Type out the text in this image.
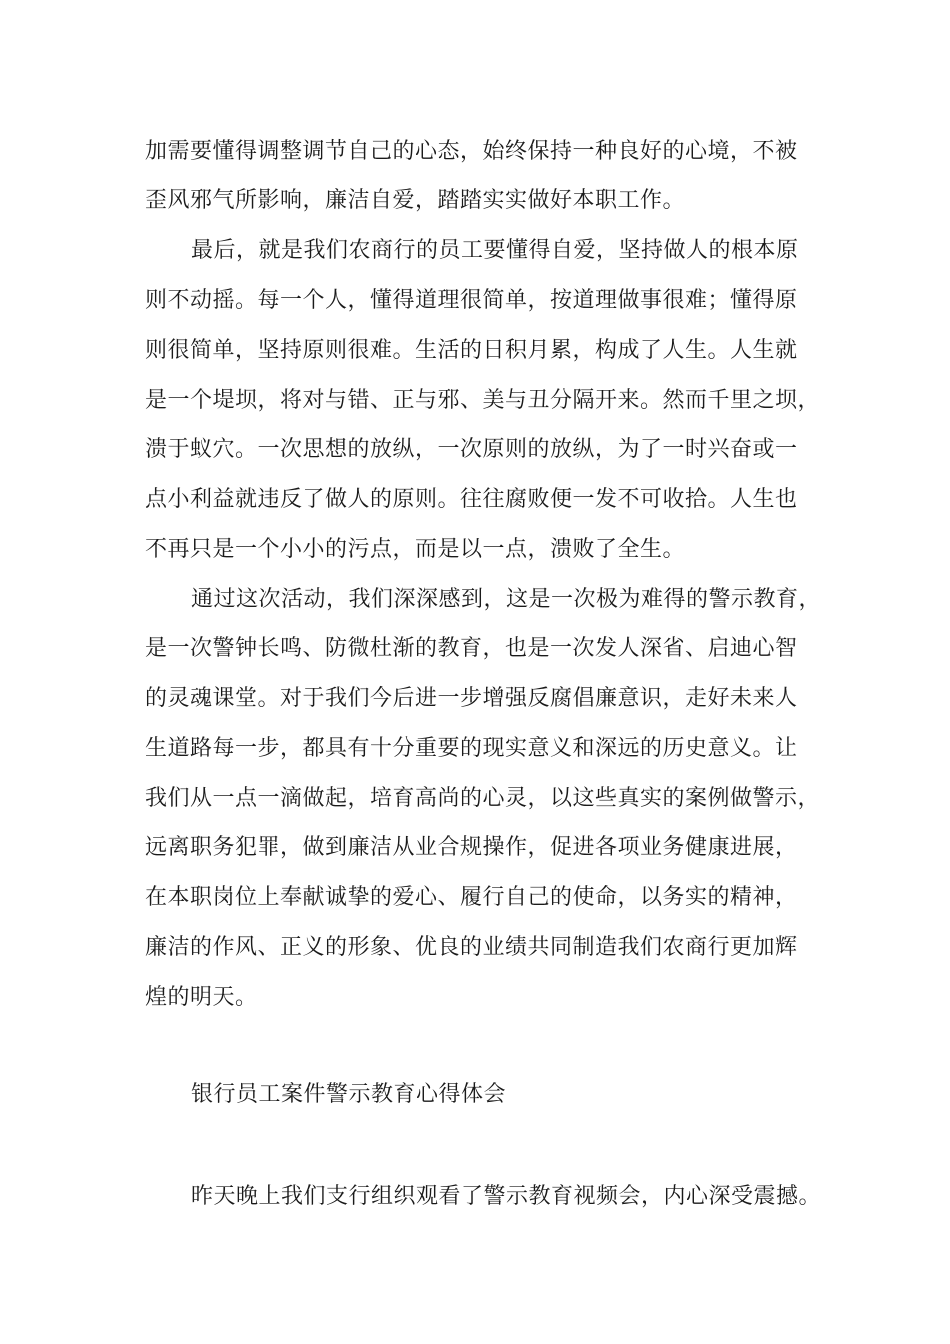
加需要懂得调整调节自己的心态，始终保持一种良好的心境，不被
歪风邪气所影响，廉洁自爱，踏踏实实做好本职工作。
最后，就是我们农商行的员工要懂得自爱，坚持做人的根本原
则不动摇。每一个人，懂得道理很简单，按道理做事很难；懂得原
则很简单，坚持原则很难。生活的日积月累，构成了人生。人生就
是一个堤坝，将对与错、正与邪、美与丑分隔开来。然而千里之坝，
溃于蚁穴。一次思想的放纵，一次原则的放纵，为了一时兴奋或一
点小利益就违反了做人的原则。往往腐败便一发不可收拾。人生也
不再只是一个小小的污点，而是以一点，溃败了全生。
通过这次活动，我们深深感到，这是一次极为难得的警示教育，
是一次警钟长鸣、防微杜渐的教育，也是一次发人深省、启迪心智
的灵魂课堂。对于我们今后进一步增强反腐倡廉意识，走好未来人
生道路每一步，都具有十分重要的现实意义和深远的历史意义。让
我们从一点一滴做起，培育高尚的心灵，以这些真实的案例做警示，
远离职务犯罪，做到廉洁从业合规操作，促进各项业务健康进展，
在本职岗位上奉献诚挚的爱心、履行自己的使命，以务实的精神，
廉洁的作风、正义的形象、优良的业绩共同制造我们农商行更加辉
煌的明天。
银行员工案件警示教育心得体会
昨天晚上我们支行组织观看了警示教育视频会，内心深受震撼。
